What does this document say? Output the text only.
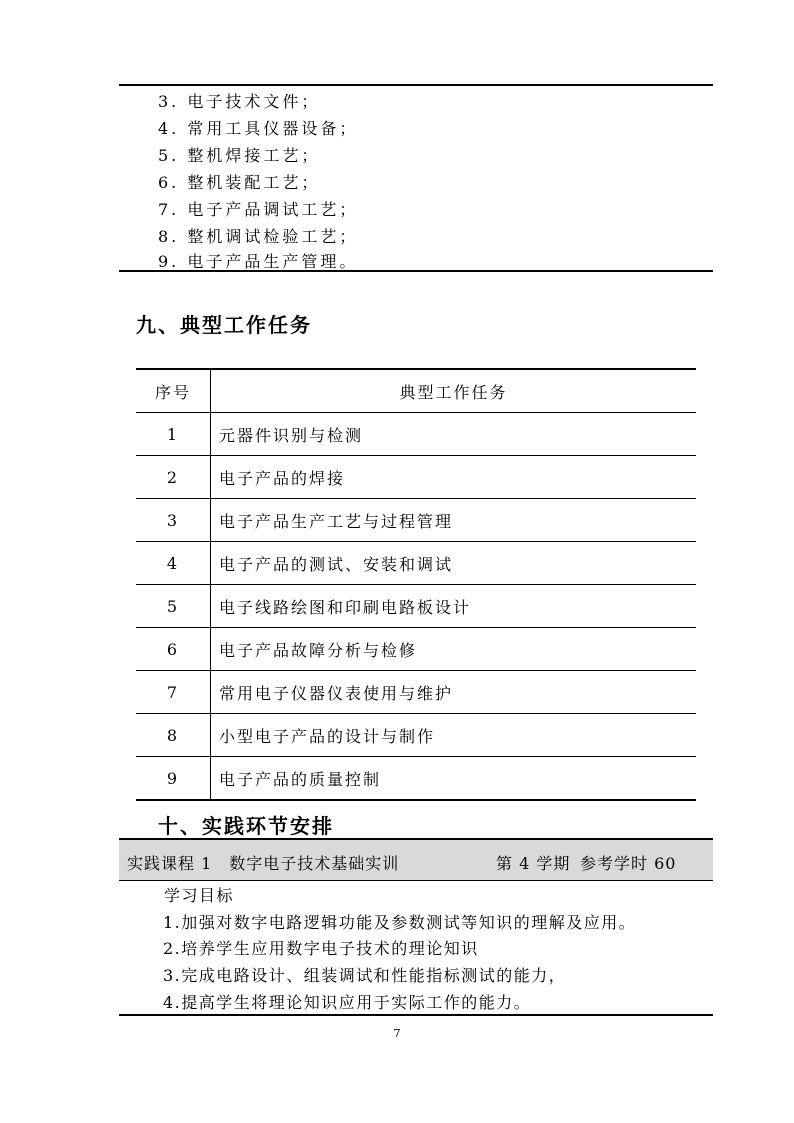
3. 电子技术文件；
4. 常用工具仪器设备；
5. 整机焊接工艺；
6. 整机装配工艺；
7. 电子产品调试工艺；
8. 整机调试检验工艺；
9. 电子产品生产管理。
九、典型工作任务
序号	典型工作任务
1	元器件识别与检测
2	电子产品的焊接
3	电子产品生产工艺与过程管理
4	电子产品的测试、安装和调试
5	电子线路绘图和印刷电路板设计
6	电子产品故障分析与检修
7	常用电子仪器仪表使用与维护
8	小型电子产品的设计与制作
9	电子产品的质量控制
十、实践环节安排
实践课程 1　数字电子技术基础实训	第 4 学期 参考学时 60
学习目标
1.加强对数字电路逻辑功能及参数测试等知识的理解及应用。
2.培养学生应用数字电子技术的理论知识
3.完成电路设计、组装调试和性能指标测试的能力，
4.提高学生将理论知识应用于实际工作的能力。
7
